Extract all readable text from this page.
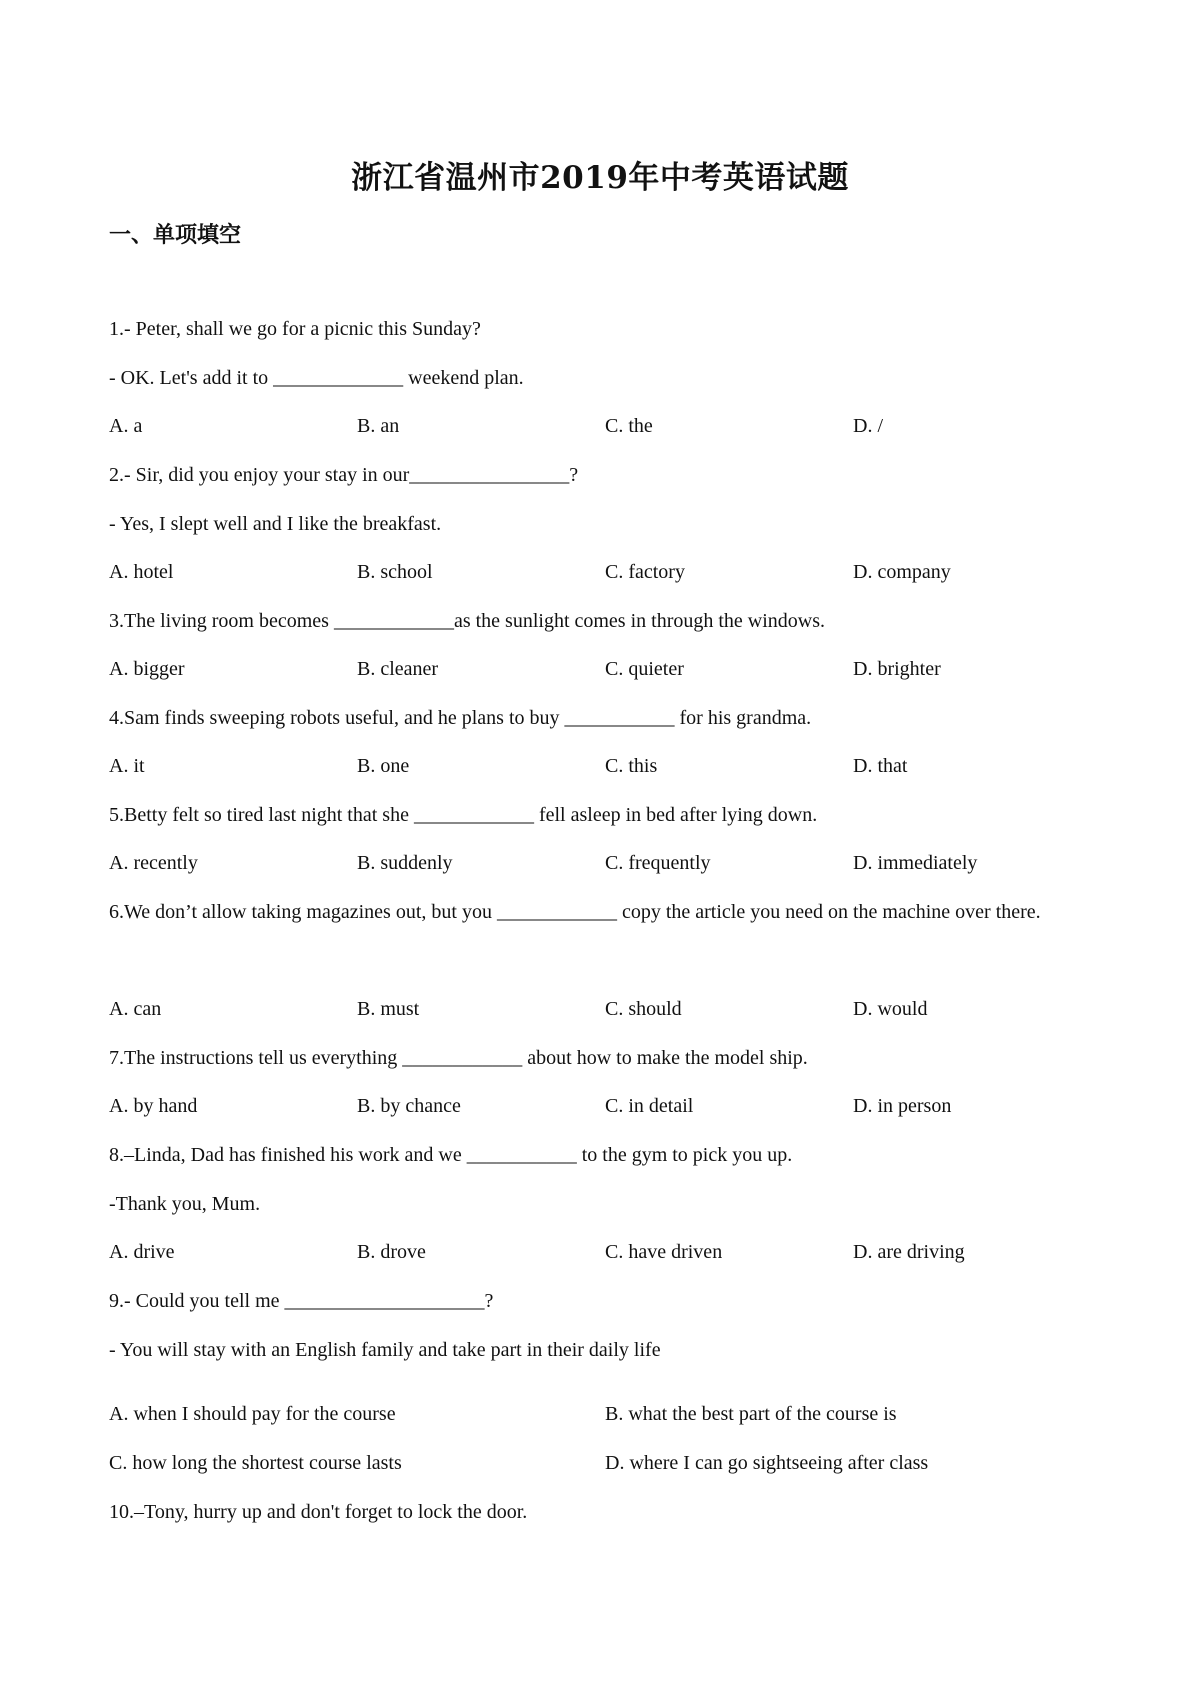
浙江省温州市2019年中考英语试题
一、单项填空
1.- Peter, shall we go for a picnic this Sunday?
- OK. Let's add it to _____________ weekend plan.
A. a	B. an	C. the	D. /
2.- Sir, did you enjoy your stay in our________________?
- Yes, I slept well and I like the breakfast.
A. hotel	B. school	C. factory	D. company
3.The living room becomes ____________as the sunlight comes in through the windows.
A. bigger	B. cleaner	C. quieter	D. brighter
4.Sam finds sweeping robots useful, and he plans to buy ___________ for his grandma.
A. it	B. one	C. this	D. that
5.Betty felt so tired last night that she ____________ fell asleep in bed after lying down.
A. recently	B. suddenly	C. frequently	D. immediately
6.We don’t allow taking magazines out, but you ____________ copy the article you need on the machine over there.
A. can	B. must	C. should	D. would
7.The instructions tell us everything ____________ about how to make the model ship.
A. by hand	B. by chance	C. in detail	D. in person
8.–Linda, Dad has finished his work and we ___________ to the gym to pick you up.
-Thank you, Mum.
A. drive	B. drove	C. have driven	D. are driving
9.- Could you tell me ____________________?
- You will stay with an English family and take part in their daily life
A. when I should pay for the course	B. what the best part of the course is
C. how long the shortest course lasts	D. where I can go sightseeing after class
10.–Tony, hurry up and don't forget to lock the door.
